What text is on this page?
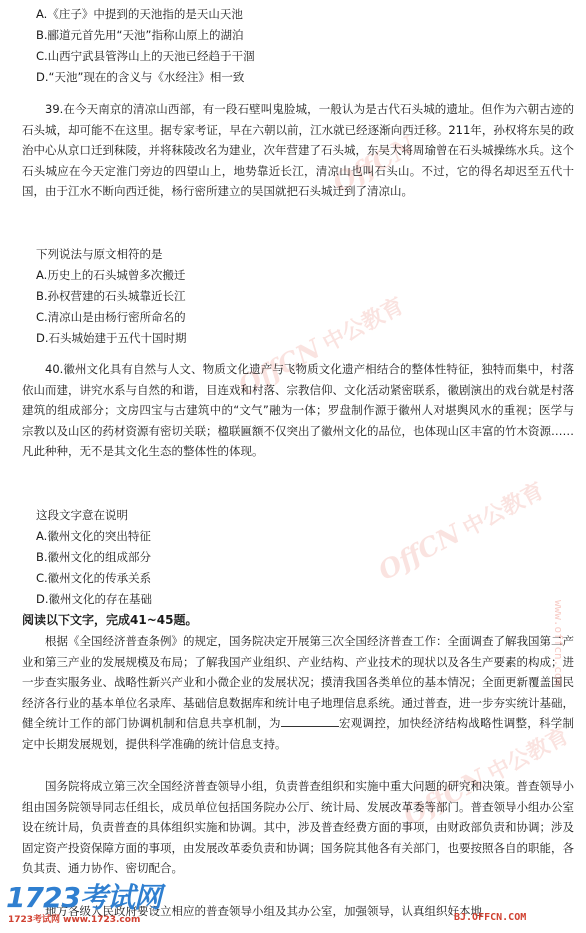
OffCN 中公教育
OffCN 中公教育
OffCN 中公教育
OffCN

A.《庄子》中提到的天池指的是天山天池

B.郦道元首先用“天池”指称山原上的湖泊

C.山西宁武县管涔山上的天池已经趋于干涸

D.“天池”现在的含义与《水经注》相一致

39.在今天南京的清凉山西部，有一段石壁叫鬼脸城，一般认为是古代石头城的遗址。但作为六朝古迹的石头城，却可能不在这里。据专家考证，早在六朝以前，江水就已经逐渐向西迁移。211年，孙权将东吴的政治中心从京口迁到秣陵，并将秣陵改名为建业，次年营建了石头城，东吴大将周瑜曾在石头城操练水兵。这个石头城应在今天定淮门旁边的四望山上，地势靠近长江，清凉山也叫石头山。不过，它的得名却迟至五代十国，由于江水不断向西迁徙，杨行密所建立的吴国就把石头城迁到了清凉山。

下列说法与原文相符的是

A.历史上的石头城曾多次搬迁

B.孙权营建的石头城靠近长江

C.清凉山是由杨行密所命名的

D.石头城始建于五代十国时期

40.徽州文化具有自然与人文、物质文化遗产与飞物质文化遗产相结合的整体性特征，独特而集中，村落依山而建，讲究水系与自然的和谐，目连戏和村落、宗教信仰、文化活动紧密联系，徽剧演出的戏台就是村落建筑的组成部分；文房四宝与古建筑中的“文气”融为一体；罗盘制作源于徽州人对堪舆风水的重视；医学与宗教以及山区的药材资源有密切关联；楹联匾额不仅突出了徽州文化的品位，也体现山区丰富的竹木资源……凡此种种，无不是其文化生态的整体性的体现。

这段文字意在说明

A.徽州文化的突出特征

B.徽州文化的组成部分

C.徽州文化的传承关系

D.徽州文化的存在基础

阅读以下文字，完成41~45题。

根据《全国经济普查条例》的规定，国务院决定开展第三次全国经济普查工作：全面调查了解我国第二产业和第三产业的发展规模及布局；了解我国产业组织、产业结构、产业技术的现状以及各生产要素的构成；进一步查实服务业、战略性新兴产业和小微企业的发展状况；摸清我国各类单位的基本情况；全面更新覆盖国民经济各行业的基本单位名录库、基础信息数据库和统计电子地理信息系统。通过普查，进一步夯实统计基础，健全统计工作的部门协调机制和信息共享机制，为	宏观调控，加快经济结构战略性调整，科学制定中长期发展规划，提供科学准确的统计信息支持。

国务院将成立第三次全国经济普查领导小组，负责普查组织和实施中重大问题的研究和决策。普查领导小组由国务院领导同志任组长，成员单位包括国务院办公厅、统计局、发展改革委等部门。普查领导小组办公室设在统计局，负责普查的具体组织实施和协调。其中，涉及普查经费方面的事项，由财政部负责和协调；涉及固定资产投资保障方面的事项，由发展改革委负责和协调；国务院其他各有关部门，也要按照各自的职能，各负其责、通力协作、密切配合。

地方各级人民政府要设立相应的普查领导小组及其办公室，加强领导，认真组织好本地

1723考试网
1723考试网 www.1723.com	BJ.OFFCN.COM
www.offcn.com
